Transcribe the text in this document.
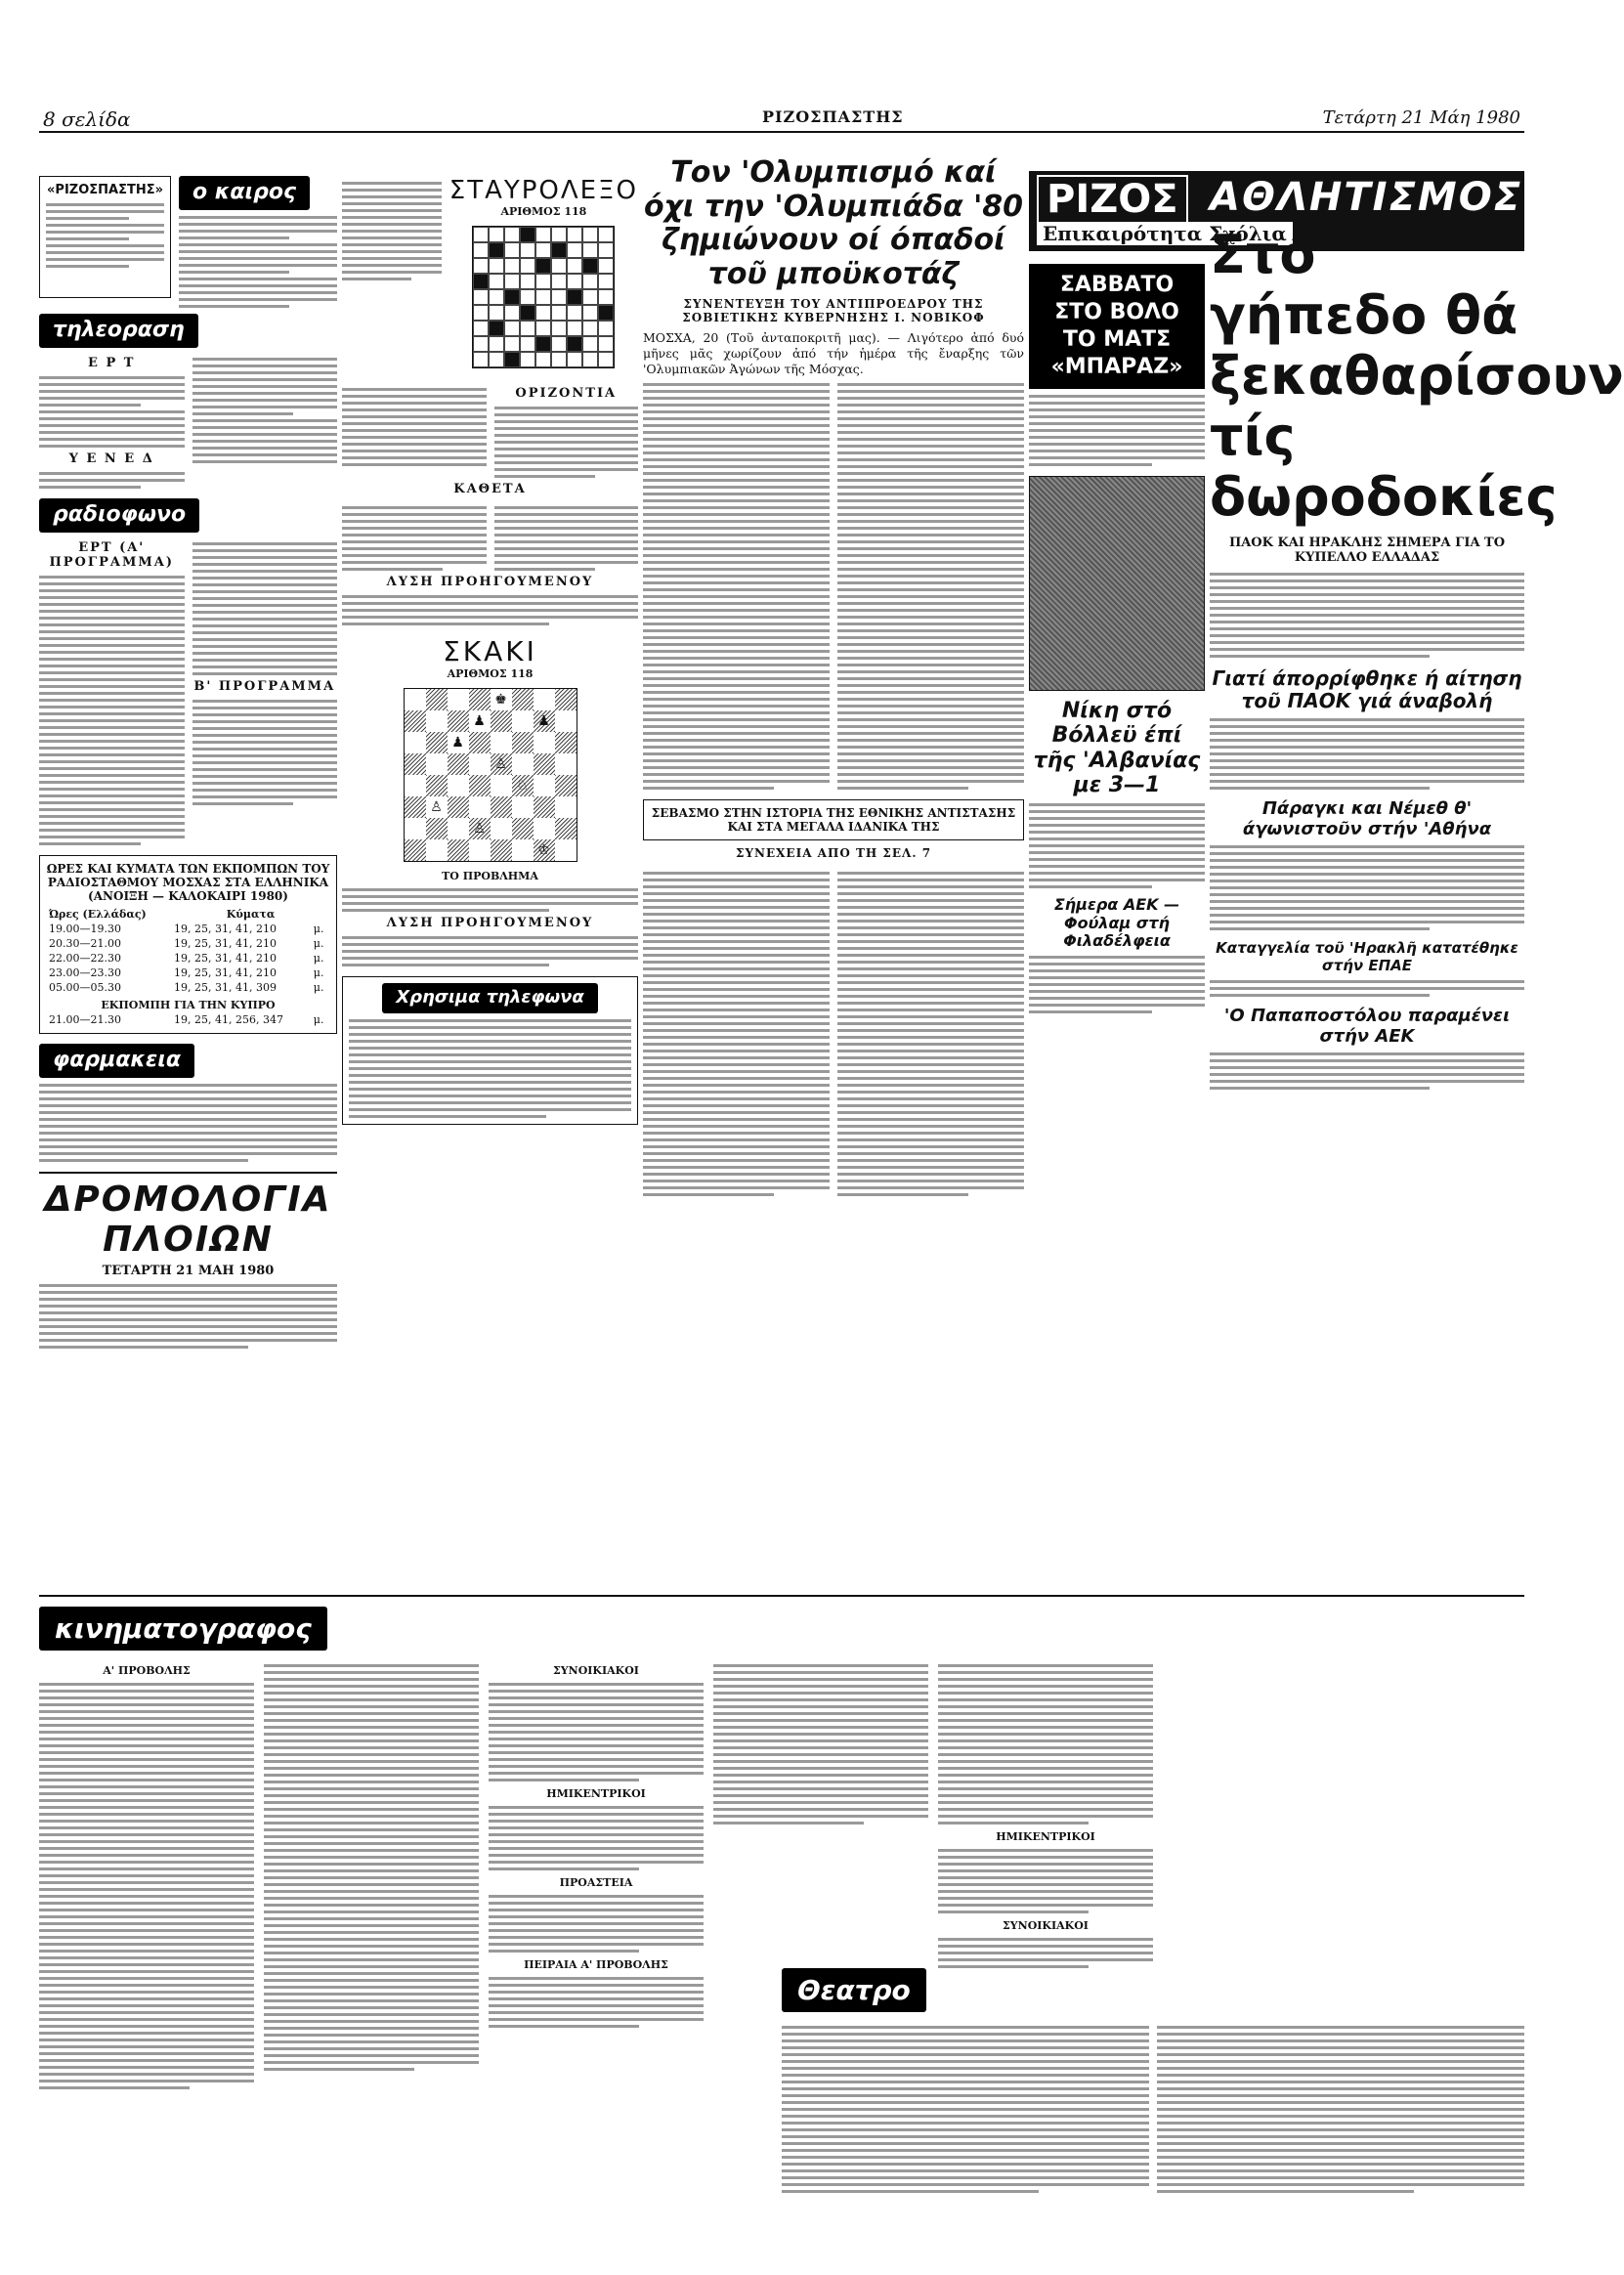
8 σελίδα	ΡΙΖΟΣΠΑΣΤΗΣ	Τετάρτη 21 Μάη 1980
«ΡΙΖΟΣΠΑΣΤΗΣ»	ο καιρος
τηλεοραση
Ε Ρ Τ
Υ Ε Ν Ε Δ
ραδιοφωνο
ΕΡΤ (Α' ΠΡΟΓΡΑΜΜΑ)
Β' ΠΡΟΓΡΑΜΜΑ
ΩΡΕΣ ΚΑΙ ΚΥΜΑΤΑ ΤΩΝ ΕΚΠΟΜΠΩΝ ΤΟΥ ΡΑΔΙΟΣΤΑΘΜΟΥ ΜΟΣΧΑΣ ΣΤΑ ΕΛΛΗΝΙΚΑ (ΑΝΟΙΞΗ — ΚΑΛΟΚΑΙΡΙ 1980)
Ώρες (Ελλάδας)	Κύματα	
19.00—19.30	19, 25, 31, 41, 210	μ.
20.30—21.00	19, 25, 31, 41, 210	μ.
22.00—22.30	19, 25, 31, 41, 210	μ.
23.00—23.30	19, 25, 31, 41, 210	μ.
05.00—05.30	19, 25, 31, 41, 309	μ.
ΕΚΠΟΜΠΗ ΓΙΑ ΤΗΝ ΚΥΠΡΟ		
21.00—21.30	19, 25, 41, 256, 347	μ.
φαρμακεια
ΔΡΟΜΟΛΟΓΙΑ ΠΛΟΙΩΝ
ΤΕΤΑΡΤΗ 21 ΜΑΗ 1980
ΣΤΑΥΡΟΛΕΞΟ
ΑΡΙΘΜΟΣ 118
ΟΡΙΖΟΝΤΙΑ
ΚΑΘΕΤΑ
ΛΥΣΗ ΠΡΟΗΓΟΥΜΕΝΟΥ
ΣΚΑΚΙ
ΑΡΙΘΜΟΣ 118
♚
♟	♟
♟
♙
♘
♙
♙
♔
ΤΟ ΠΡΟΒΛΗΜΑ
ΛΥΣΗ ΠΡΟΗΓΟΥΜΕΝΟΥ
Χρησιμα τηλεφωνα
Τον 'Ολυμπισμό καί όχι την 'Ολυμπιάδα '80 ζημιώνουν οί όπαδοί τοῦ μποϋκοτάζ
ΣΥΝΕΝΤΕΥΞΗ ΤΟΥ ΑΝΤΙΠΡΟΕΔΡΟΥ ΤΗΣ ΣΟΒΙΕΤΙΚΗΣ ΚΥΒΕΡΝΗΣΗΣ Ι. ΝΟΒΙΚΟΦ
ΜΟΣΧΑ, 20 (Τοῦ ἀνταποκριτῆ μας). — Λιγότερο ἀπό δυό μῆνες μᾶς χωρίζουν ἀπό τήν ἡμέρα τῆς ἔναρξης τῶν 'Ολυμπιακῶν Ἀγώνων τῆς Μόσχας.
ΣΕΒΑΣΜΟ ΣΤΗΝ ΙΣΤΟΡΙΑ ΤΗΣ ΕΘΝΙΚΗΣ ΑΝΤΙΣΤΑΣΗΣ ΚΑΙ ΣΤΑ ΜΕΓΑΛΑ ΙΔΑΝΙΚΑ ΤΗΣ
ΣΥΝΕΧΕΙΑ ΑΠΟ ΤΗ ΣΕΛ. 7
ΡΙΖΟΣ ΑΘΛΗΤΙΣΜΟΣ
Επικαιρότητα Σχόλια
ΣΑΒΒΑΤΟ
ΣΤΟ ΒΟΛΟ
ΤΟ ΜΑΤΣ
«ΜΠΑΡΑΖ»
Νίκη στό Βόλλεϋ έπί τῆς 'Αλβανίας με 3—1
Σήμερα ΑΕΚ — Φούλαμ στή Φιλαδέλφεια
Στό γήπεδο θά ξεκαθαρίσουν τίς δωροδοκίες
ΠΑΟΚ ΚΑΙ ΗΡΑΚΛΗΣ ΣΗΜΕΡΑ ΓΙΑ ΤΟ ΚΥΠΕΛΛΟ ΕΛΛΑΔΑΣ
Γιατί άπορρίφθηκε ή αίτηση τοῦ ΠΑΟΚ γιά άναβολή
Πάραγκι και Νέμεθ θ' άγωνιστοῦν στήν 'Αθήνα
Καταγγελία τοῦ 'Ηρακλῆ κατατέθηκε στήν ΕΠΑΕ
'Ο Παπαποστόλου παραμένει στήν ΑΕΚ
κινηματογραφος
Α' ΠΡΟΒΟΛΗΣ	ΣΥΝΟΙΚΙΑΚΟΙ
ΗΜΙΚΕΝΤΡΙΚΟΙ
ΠΡΟΑΣΤΕΙΑ
ΠΕΙΡΑΙΑ Α' ΠΡΟΒΟΛΗΣ
ΗΜΙΚΕΝΤΡΙΚΟΙ
ΣΥΝΟΙΚΙΑΚΟΙ
Θεατρο
